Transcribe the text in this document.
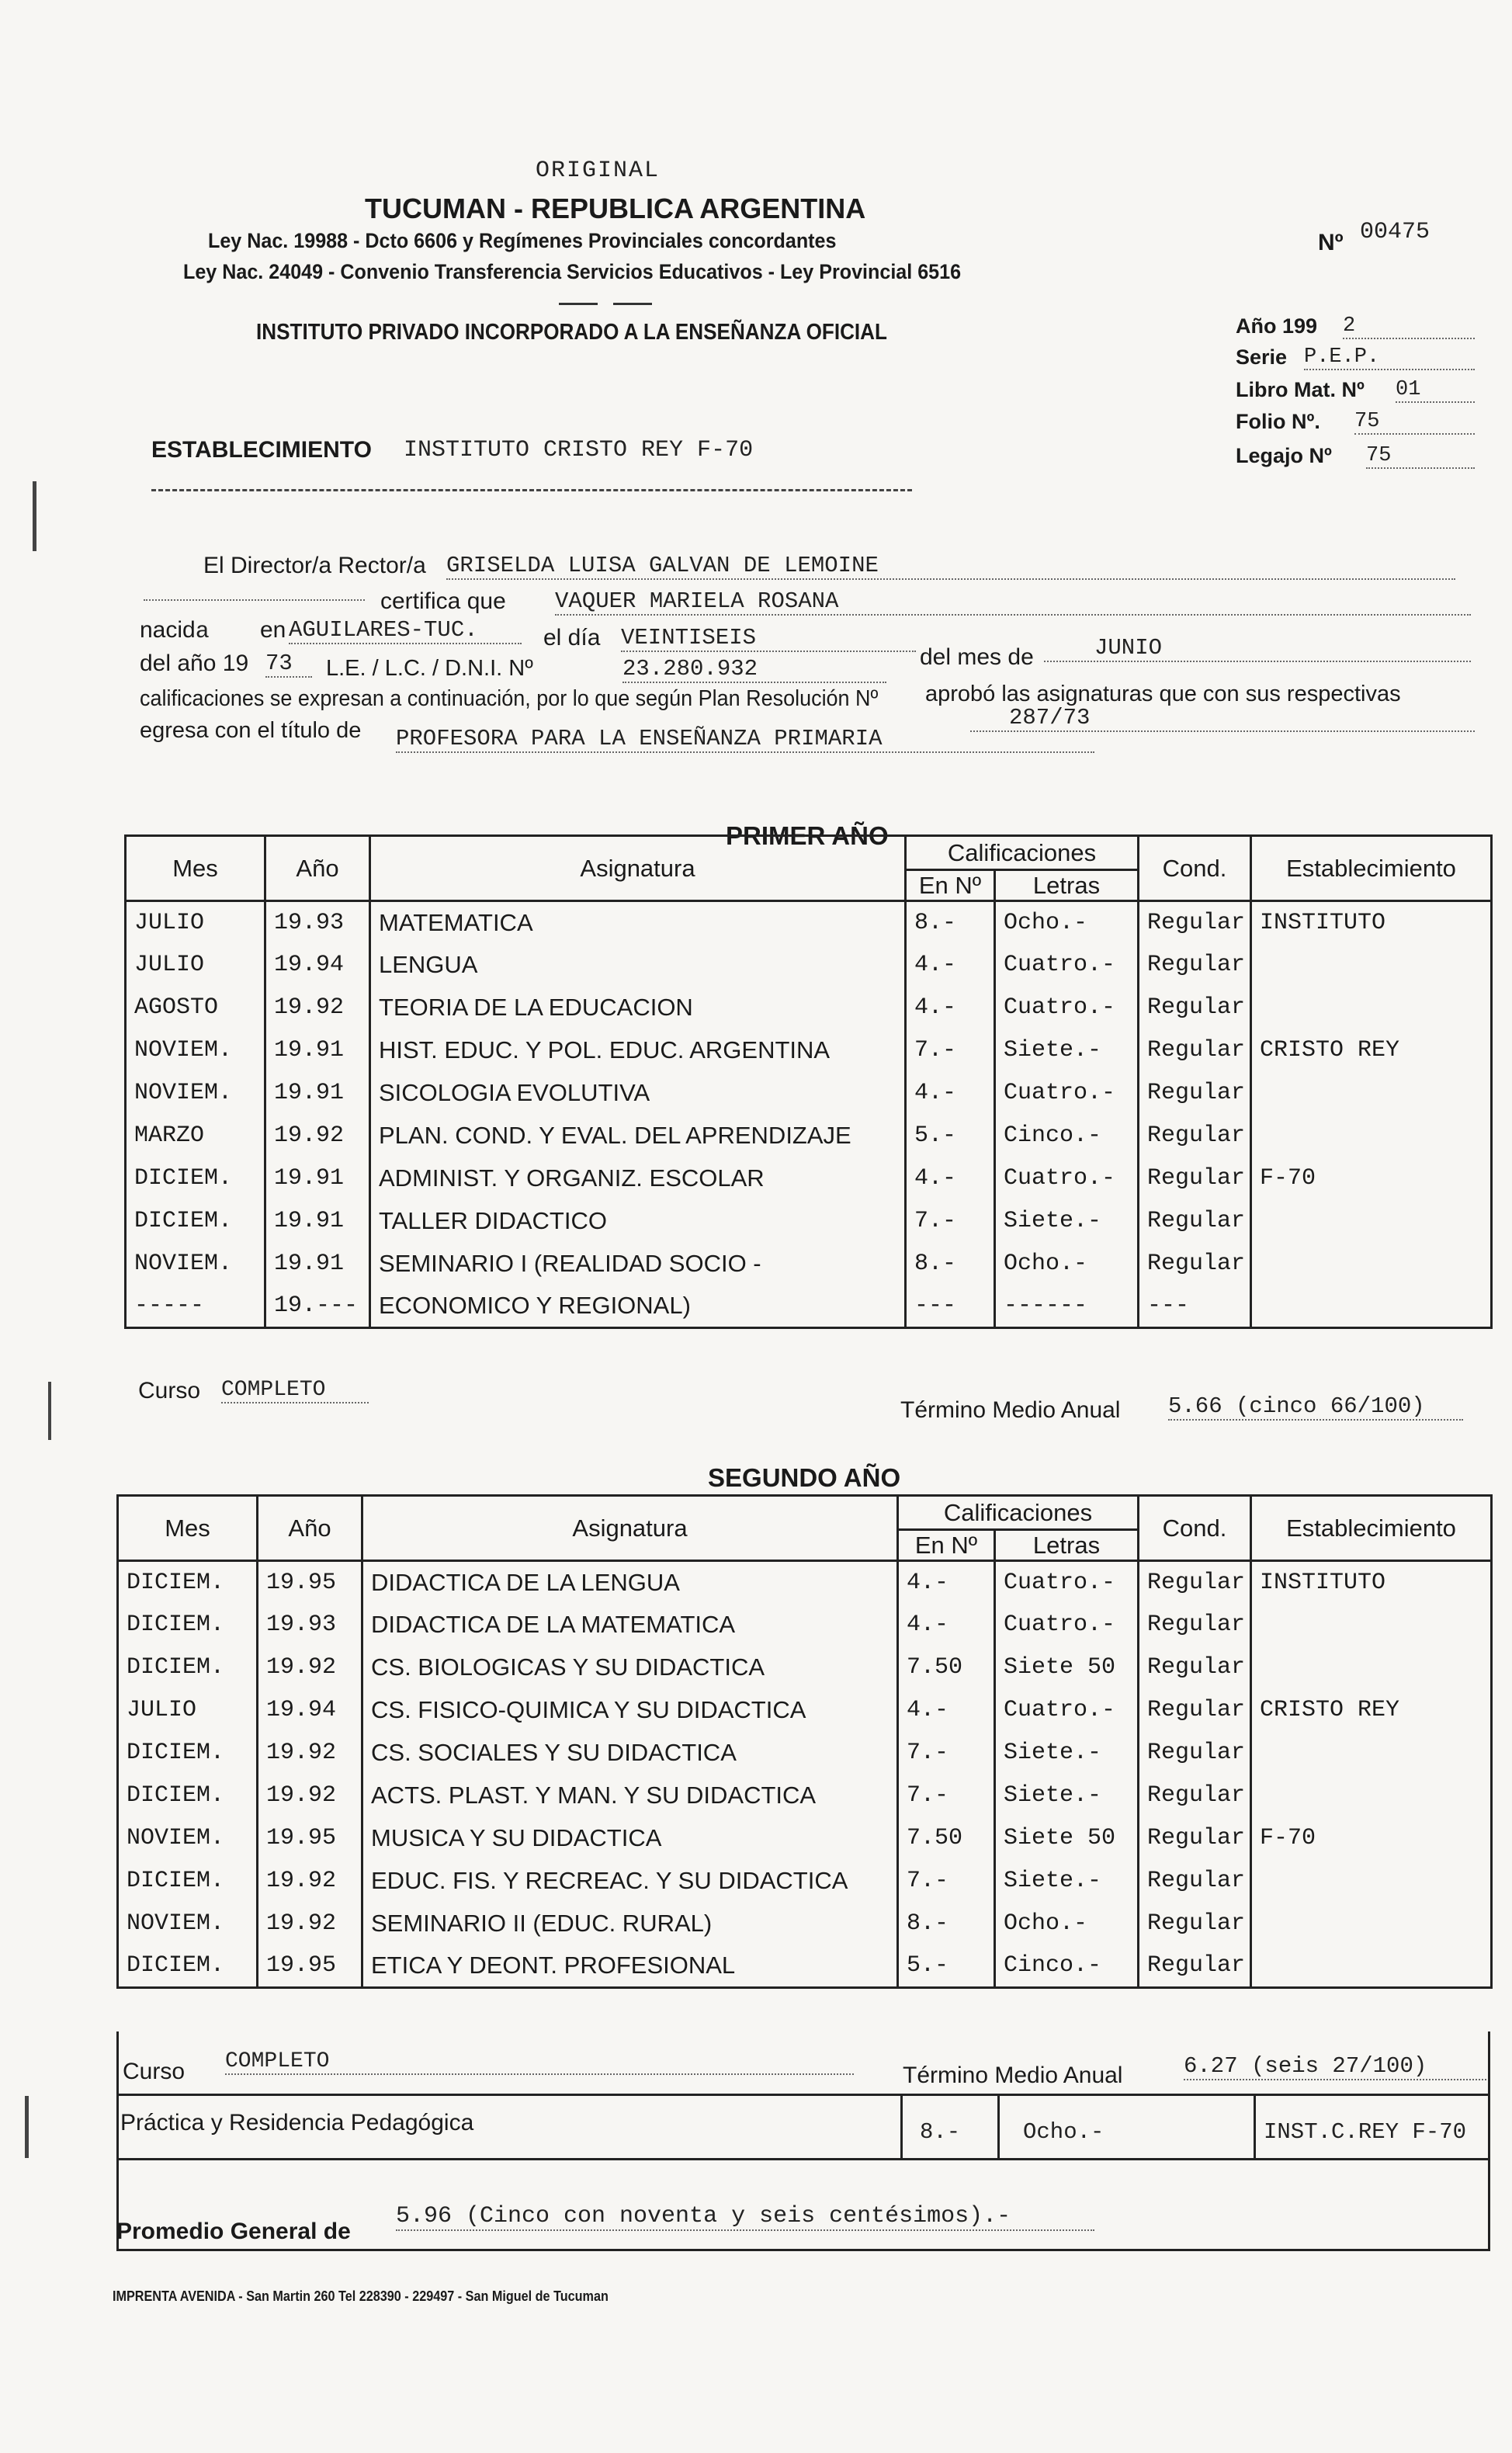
ORIGINAL
TUCUMAN - REPUBLICA ARGENTINA
Ley Nac. 19988 - Dcto 6606 y Regímenes Provinciales concordantes
Ley Nac. 24049 - Convenio Transferencia Servicios Educativos - Ley Provincial 6516
INSTITUTO PRIVADO INCORPORADO A LA ENSEÑANZA OFICIAL
Nº 00475
Año 199 2
Serie P.E.P.
Libro Mat. Nº 01
Folio Nº. 75
Legajo Nº 75
ESTABLECIMIENTO INSTITUTO CRISTO REY F-70
El Director/a Rector/a GRISELDA LUISA GALVAN DE LEMOINE
certifica que VAQUER MARIELA ROSANA
nacida en AGUILARES-TUC.	el día VEINTISEIS
del mes de	JUNIO
del año 19 73	L.E. / L.C. / D.N.I. Nº	23.280.932
aprobó las asignaturas que con sus respectivas
calificaciones se expresan a continuación, por lo que según Plan Resolución Nº
287/73
egresa con el título de PROFESORA PARA LA ENSEÑANZA PRIMARIA
PRIMER AÑO
Mes	Año	Asignatura	Calificaciones		Cond.	Establecimiento
			En Nº	Letras		
JULIO	19.93	MATEMATICA	8.-	Ocho.-	Regular	INSTITUTO
JULIO	19.94	LENGUA	4.-	Cuatro.-	Regular	
AGOSTO	19.92	TEORIA DE LA EDUCACION	4.-	Cuatro.-	Regular	
NOVIEM.	19.91	HIST. EDUC. Y POL. EDUC. ARGENTINA	7.-	Siete.-	Regular	CRISTO REY
NOVIEM.	19.91	SICOLOGIA EVOLUTIVA	4.-	Cuatro.-	Regular	
MARZO	19.92	PLAN. COND. Y EVAL. DEL APRENDIZAJE	5.-	Cinco.-	Regular	
DICIEM.	19.91	ADMINIST. Y ORGANIZ. ESCOLAR	4.-	Cuatro.-	Regular	F-70
DICIEM.	19.91	TALLER DIDACTICO	7.-	Siete.-	Regular	
NOVIEM.	19.91	SEMINARIO I (REALIDAD SOCIO -	8.-	Ocho.-	Regular	
-----	19.---	ECONOMICO Y REGIONAL)	---	------	---	
Curso COMPLETO
Término Medio Anual 5.66 (cinco 66/100)
SEGUNDO AÑO
Mes	Año	Asignatura	Calificaciones		Cond.	Establecimiento
			En Nº	Letras		
DICIEM.	19.95	DIDACTICA DE LA LENGUA	4.-	Cuatro.-	Regular	INSTITUTO
DICIEM.	19.93	DIDACTICA DE LA MATEMATICA	4.-	Cuatro.-	Regular	
DICIEM.	19.92	CS. BIOLOGICAS Y SU DIDACTICA	7.50	Siete 50	Regular	
JULIO	19.94	CS. FISICO-QUIMICA Y SU DIDACTICA	4.-	Cuatro.-	Regular	CRISTO REY
DICIEM.	19.92	CS. SOCIALES Y SU DIDACTICA	7.-	Siete.-	Regular	
DICIEM.	19.92	ACTS. PLAST. Y MAN. Y SU DIDACTICA	7.-	Siete.-	Regular	
NOVIEM.	19.95	MUSICA Y SU DIDACTICA	7.50	Siete 50	Regular	F-70
DICIEM.	19.92	EDUC. FIS. Y RECREAC. Y SU DIDACTICA	7.-	Siete.-	Regular	
NOVIEM.	19.92	SEMINARIO II (EDUC. RURAL)	8.-	Ocho.-	Regular	
DICIEM.	19.95	ETICA Y DEONT. PROFESIONAL	5.-	Cinco.-	Regular	
Curso COMPLETO
Término Medio Anual	6.27 (seis 27/100)
Práctica y Residencia Pedagógica	8.-	Ocho.-	INST.C.REY F-70
Promedio General de
5.96 (Cinco con noventa y seis centésimos).-
IMPRENTA AVENIDA - San Martin 260 Tel 228390 - 229497 - San Miguel de Tucuman
